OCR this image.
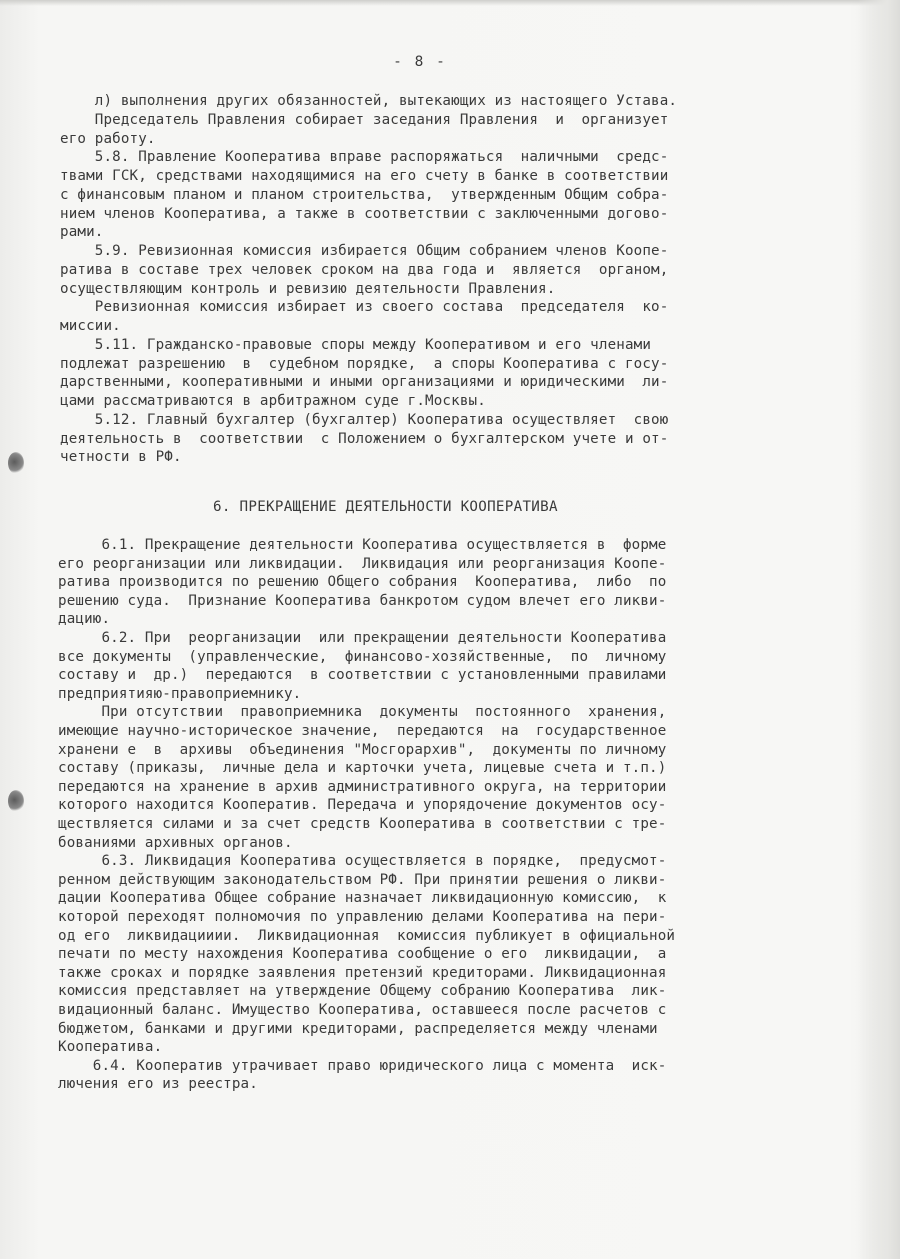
- 8 -
л) выполнения других обязанностей, вытекающих из настоящего Устава.
Председатель Правления собирает заседания Правления  и  организует
его работу.
5.8. Правление Кооператива вправе распоряжаться  наличными  средс-
твами ГСК, средствами находящимися на его счету в банке в соответствии
с финансовым планом и планом строительства,  утвержденным Общим собра-
нием членов Кооператива, а также в соответствии с заключенными догово-
рами.
5.9. Ревизионная комиссия избирается Общим собранием членов Коопе-
ратива в составе трех человек сроком на два года и  является  органом,
осуществляющим контроль и ревизию деятельности Правления.
Ревизионная комиссия избирает из своего состава  председателя  ко-
миссии.
5.11. Гражданско-правовые споры между Кооперативом и его членами
подлежат разрешению  в  судебном порядке,  а споры Кооператива с госу-
дарственными, кооперативными и иными организациями и юридическими  ли-
цами рассматриваются в арбитражном суде г.Москвы.
5.12. Главный бухгалтер (бухгалтер) Кооператива осуществляет  свою
деятельность в  соответствии  с Положением о бухгалтерском учете и от-
четности в РФ.
6. ПРЕКРАЩЕНИЕ ДЕЯТЕЛЬНОСТИ КООПЕРАТИВА
6.1. Прекращение деятельности Кооператива осуществляется в  форме
его реорганизации или ликвидации.  Ликвидация или реорганизация Коопе-
ратива производится по решению Общего собрания  Кооператива,  либо  по
решению суда.  Признание Кооператива банкротом судом влечет его ликви-
дацию.
6.2. При  реорганизации  или прекращении деятельности Кооператива
все документы  (управленческие,  финансово-хозяйственные,  по  личному
составу и  др.)  передаются  в соответствии с установленными правилами
предприятияю-правоприемнику.
При отсутствии  правоприемника  документы  постоянного  хранения,
имеющие научно-историческое значение,  передаются  на  государственное
хранени е  в  архивы  объединения "Мосгорархив",  документы по личному
составу (приказы,  личные дела и карточки учета, лицевые счета и т.п.)
передаются на хранение в архив административного округа, на территории
которого находится Кооператив. Передача и упорядочение документов осу-
ществляется силами и за счет средств Кооператива в соответствии с тре-
бованиями архивных органов.
6.3. Ликвидация Кооператива осуществляется в порядке,  предусмот-
ренном действующим законодательством РФ. При принятии решения о ликви-
дации Кооператива Общее собрание назначает ликвидационную комиссию,  к
которой переходят полномочия по управлению делами Кооператива на пери-
од его  ликвидацииии.  Ликвидационная  комиссия публикует в официальной
печати по месту нахождения Кооператива сообщение о его  ликвидации,  а
также сроках и порядке заявления претензий кредиторами. Ликвидационная
комиссия представляет на утверждение Общему собранию Кооператива  лик-
видационный баланс. Имущество Кооператива, оставшееся после расчетов с
бюджетом, банками и другими кредиторами, распределяется между членами
Кооператива.
6.4. Кооператив утрачивает право юридического лица с момента  иск-
лючения его из реестра.
